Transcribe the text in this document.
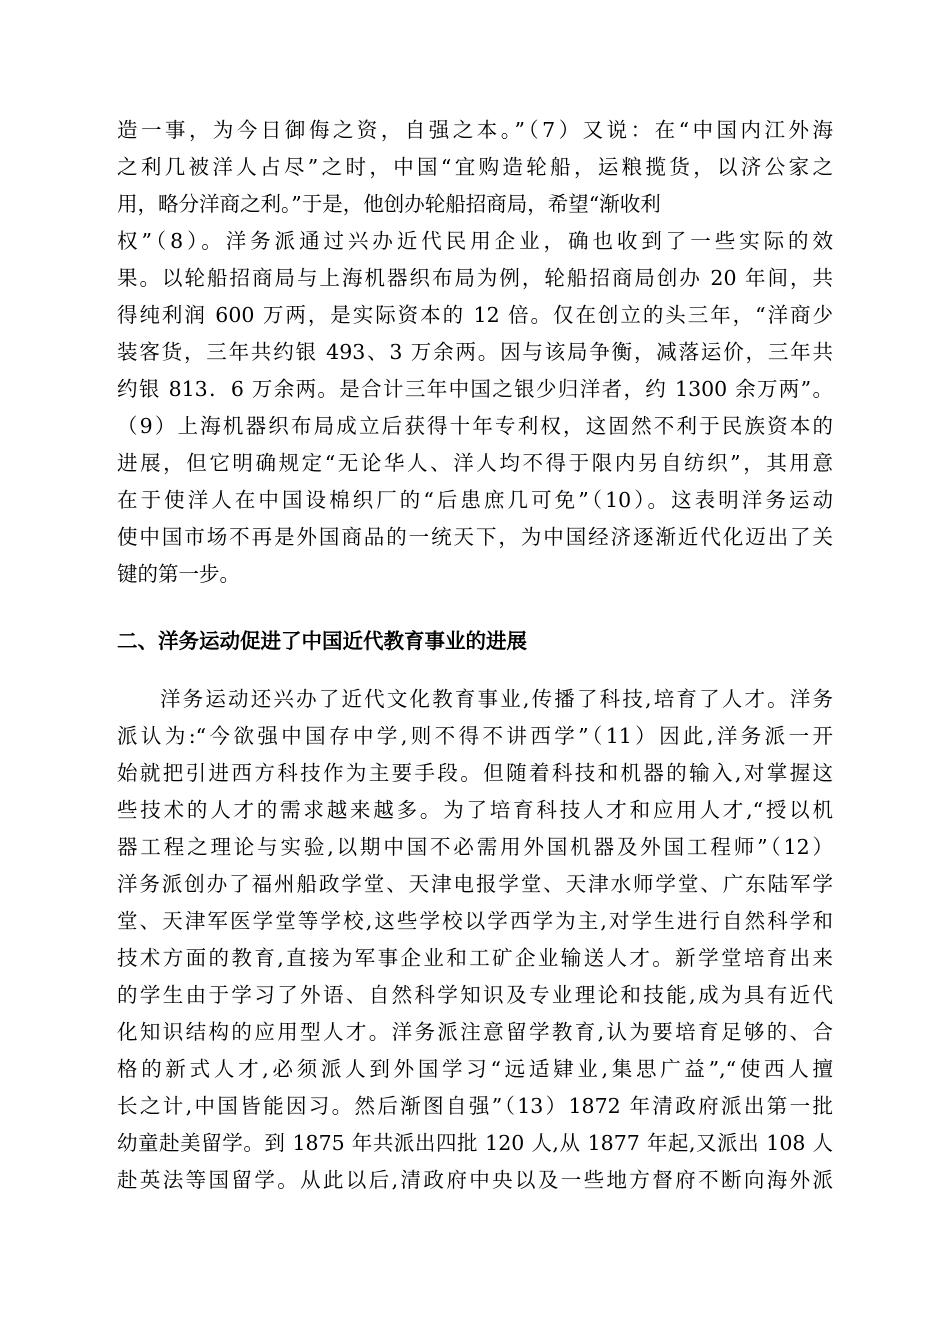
造一事，为今日御侮之资，自强之本。”（7）又说：在“中国内江外海
之利几被洋人占尽”之时，中国“宜购造轮船，运粮揽货，以济公家之
用，略分洋商之利。”于是，他创办轮船招商局，希望“渐收利
权”（8）。洋务派通过兴办近代民用企业，确也收到了一些实际的效
果。以轮船招商局与上海机器织布局为例，轮船招商局创办 20 年间，共
得纯利润 600 万两，是实际资本的 12 倍。仅在创立的头三年，“洋商少
装客货，三年共约银 493、3 万余两。因与该局争衡，减落运价，三年共
约银 813．6 万余两。是合计三年中国之银少归洋者，约 1300 余万两”。
（9）上海机器织布局成立后获得十年专利权，这固然不利于民族资本的
进展，但它明确规定“无论华人、洋人均不得于限内另自纺织”，其用意
在于使洋人在中国设棉织厂的“后患庶几可免”（10）。这表明洋务运动
使中国市场不再是外国商品的一统天下，为中国经济逐渐近代化迈出了关
键的第一步。
二、洋务运动促进了中国近代教育事业的进展
洋务运动还兴办了近代文化教育事业,传播了科技,培育了人才。洋务
派认为:“今欲强中国存中学,则不得不讲西学”（11）因此,洋务派一开
始就把引进西方科技作为主要手段。但随着科技和机器的输入,对掌握这
些技术的人才的需求越来越多。为了培育科技人才和应用人才,“授以机
器工程之理论与实验,以期中国不必需用外国机器及外国工程师”（12）
洋务派创办了福州船政学堂、天津电报学堂、天津水师学堂、广东陆军学
堂、天津军医学堂等学校,这些学校以学西学为主,对学生进行自然科学和
技术方面的教育,直接为军事企业和工矿企业输送人才。新学堂培育出来
的学生由于学习了外语、自然科学知识及专业理论和技能,成为具有近代
化知识结构的应用型人才。洋务派注意留学教育,认为要培育足够的、合
格的新式人才,必须派人到外国学习“远适肄业,集思广益”,“使西人擅
长之计,中国皆能因习。然后渐图自强”（13）1872 年清政府派出第一批
幼童赴美留学。到 1875 年共派出四批 120 人,从 1877 年起,又派出 108 人
赴英法等国留学。从此以后,清政府中央以及一些地方督府不断向海外派
